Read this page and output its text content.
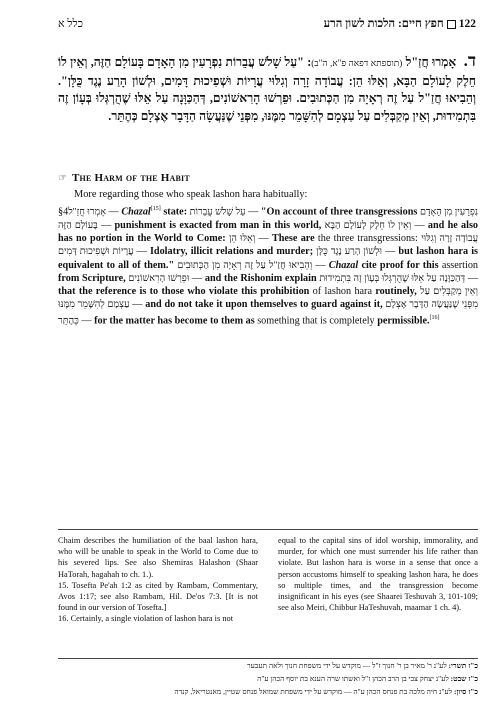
כלל א	122חפץ חיים: הלכות לשון הרע
ד. אָמְרוּ חֲזַ"ל (תוספתא דפאה פ"א, ה"ב): "עַל שָׁלֹשׁ עֲבֵרוֹת נִפְרָעִין מִן הָאָדָם בָּעוֹלָם הַזֶּה, וְאֵין לוֹ חֵלֶק לָעוֹלָם הַבָּא, וְאֵלּוּ הֵן: עֲבוֹדָה זָרָה וְגִלּוּי עֲרָיוֹת וּשְׁפִיכוּת דָּמִים, וּלְשׁוֹן הָרַע נֶגֶד כֻּלָּן". וְהֵבִיאוּ חֲזַ"ל עַל זֶה רְאָיָה מִן הַכְּתוּבִים. וּפֵרְשׁוּ הָרִאשׁוֹנִים, דְּהַכַּוָּנָה עַל אֵלּוּ שֶׁהֻרְגְּלוּ בְּעָוֹן זֶה בִּתְמִידוּת, וְאֵין מְקַבְּלִים עַל עַצְמָם לְהִשָּׁמֵר מִמֶּנּוּ, מִפְּנֵי שֶׁנַּעֲשָׂה הַדָּבָר אֶצְלָם כְּהֶתֵּר.
☞ The Harm of the Habit
More regarding those who speak lashon hara habitually:
§4אָמְרוּ חֲזַ"ל — Chazal[15] state: עַל שָׁלֹשׁ עֲבֵרוֹת — "On account of three transgressions נִפְרָעִין מִן הָאָדָם בָּעוֹלָם הַזֶּה — punishment is exacted from man in this world, וְאֵין לוֹ חֵלֶק לָעוֹלָם הַבָּא — and he also has no portion in the World to Come: וְאֵלּוּ הֵן — These are the three transgressions: עֲבוֹדָה זָרָה וְגִלּוּי עֲרָיוֹת וּשְׁפִיכוּת דָּמִים — Idolatry, illicit relations and murder; וּלְשׁוֹן הָרַע נֶגֶד כֻּלָּן — but lashon hara is equivalent to all of them." וְהֵבִיאוּ חֲזַ"ל עַל זֶה רְאָיָה מִן הַכְּתוּבִים — Chazal cite proof for this assertion from Scripture, וּפֵרְשׁוּ הָרִאשׁוֹנִים — and the Rishonim explain דְּהַכַּוָּנָה עַל אֵלּוּ שֶׁהֻרְגְּלוּ בְּעָוֹן זֶה בִּתְמִידוּת — that the reference is to those who violate this prohibition of lashon hara routinely, וְאֵין מְקַבְּלִים עַל עַצְמָם לְהִשָּׁמֵר מִמֶּנּוּ — and do not take it upon themselves to guard against it, מִפְּנֵי שֶׁנַּעֲשָׂה הַדָּבָר אֶצְלָם כְּהֶתֵּר — for the matter has become to them as something that is completely permissible.[16]

Chaim describes the humiliation of the baal lashon hara, who will be unable to speak in the World to Come due to his severed lips. See also Shemiras Halashon (Shaar HaTorah, hagahah to ch. 1.).

15. Tosefta Pe'ah 1:2 as cited by Rambam, Commentary, Avos 1:17; see also Rambam, Hil. De'os 7:3. [It is not found in our version of Tosefta.]

16. Certainly, a single violation of lashon hara is not

equal to the capital sins of idol worship, immorality, and murder, for which one must surrender his life rather than violate. But lashon hara is worse in a sense that once a person accustoms himself to speaking lashon hara, he does so multiple times, and the transgression become insignificant in his eyes (see Shaarei Teshuvah 3, 101-109; see also Meiri, Chibbur HaTeshuvah, maamar 1 ch. 4).

כ"ז תשרי: לע"נ ר' מאיר בן ר' חנוך ז"ל — מוקדש על ידי משפחת חנוך ולאה תעבער

כ"ז שבט: לע"נ יצחק צבי בן הרב הכהן ז"ל ואשתו שרה הענא בת יוסף הכהן ע"ה

כ"ז סיון: לע"נ חיה מלכה בת פנחס הכהן ע"ה — מוקדש על ידי משפחת שמואל פנחס שטיין, מאנטריאל, קנדה
